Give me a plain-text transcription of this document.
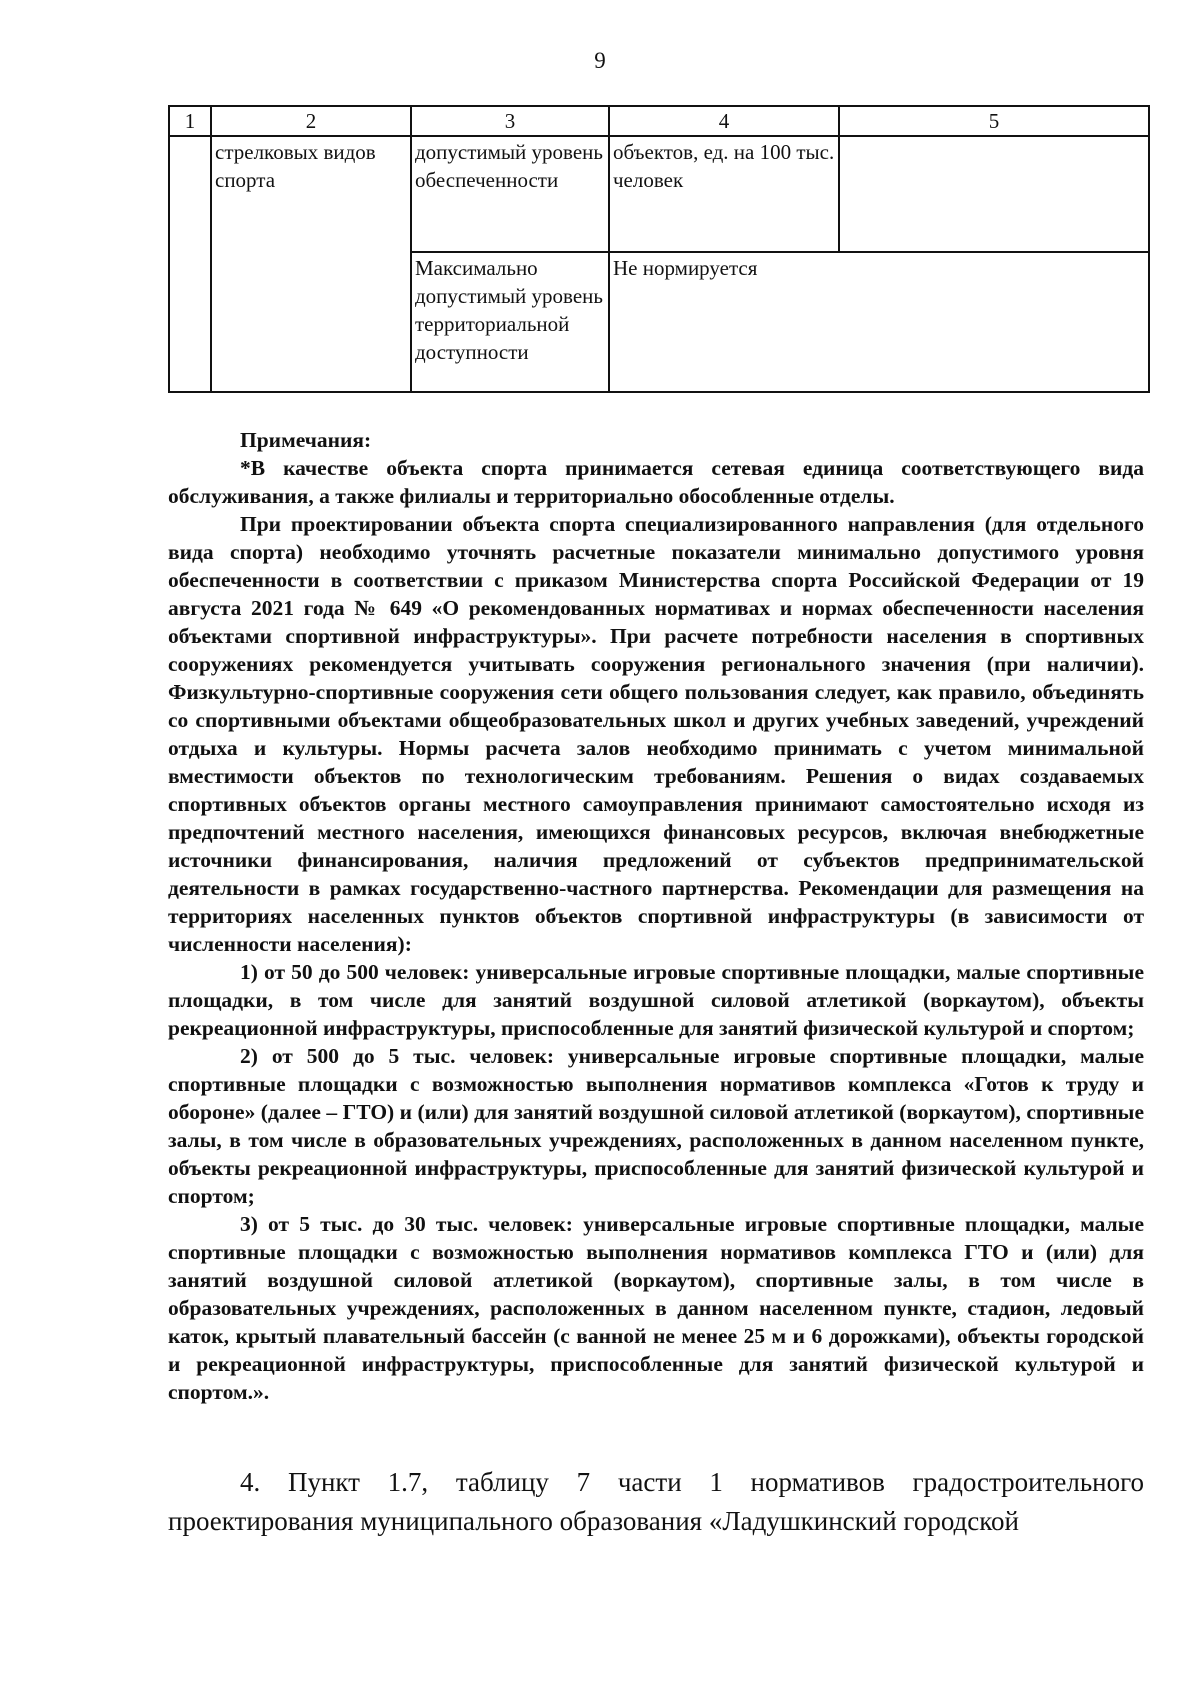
9
1	2	3	4	5
	стрелковых видов спорта	допустимый уровень обеспеченности	объектов, ед. на 100 тыс. человек	
		Максимально допустимый уровень территориальной доступности	Не нормируется	

Примечания:

*В качестве объекта спорта принимается сетевая единица соответствующего вида обслуживания, а также филиалы и территориально обособленные отделы.

При проектировании объекта спорта специализированного направления (для отдельного вида спорта) необходимо уточнять расчетные показатели минимально допустимого уровня обеспеченности в соответствии с приказом Министерства спорта Российской Федерации от 19 августа 2021 года № 649 «О рекомендованных нормативах и нормах обеспеченности населения объектами спортивной инфраструктуры». При расчете потребности населения в спортивных сооружениях рекомендуется учитывать сооружения регионального значения (при наличии). Физкультурно-спортивные сооружения сети общего пользования следует, как правило, объединять со спортивными объектами общеобразовательных школ и других учебных заведений, учреждений отдыха и культуры. Нормы расчета залов необходимо принимать с учетом минимальной вместимости объектов по технологическим требованиям. Решения о видах создаваемых спортивных объектов органы местного самоуправления принимают самостоятельно исходя из предпочтений местного населения, имеющихся финансовых ресурсов, включая внебюджетные источники финансирования, наличия предложений от субъектов предпринимательской деятельности в рамках государственно-частного партнерства. Рекомендации для размещения на территориях населенных пунктов объектов спортивной инфраструктуры (в зависимости от численности населения):

1) от 50 до 500 человек: универсальные игровые спортивные площадки, малые спортивные площадки, в том числе для занятий воздушной силовой атлетикой (воркаутом), объекты рекреационной инфраструктуры, приспособленные для занятий физической культурой и спортом;

2) от 500 до 5 тыс. человек: универсальные игровые спортивные площадки, малые спортивные площадки с возможностью выполнения нормативов комплекса «Готов к труду и обороне» (далее – ГТО) и (или) для занятий воздушной силовой атлетикой (воркаутом), спортивные залы, в том числе в образовательных учреждениях, расположенных в данном населенном пункте, объекты рекреационной инфраструктуры, приспособленные для занятий физической культурой и спортом;

3) от 5 тыс. до 30 тыс. человек: универсальные игровые спортивные площадки, малые спортивные площадки с возможностью выполнения нормативов комплекса ГТО и (или) для занятий воздушной силовой атлетикой (воркаутом), спортивные залы, в том числе в образовательных учреждениях, расположенных в данном населенном пункте, стадион, ледовый каток, крытый плавательный бассейн (с ванной не менее 25 м и 6 дорожками), объекты городской и рекреационной инфраструктуры, приспособленные для занятий физической культурой и спортом.».

4. Пункт 1.7, таблицу 7 части 1 нормативов градостроительного проектирования муниципального образования «Ладушкинский городской
